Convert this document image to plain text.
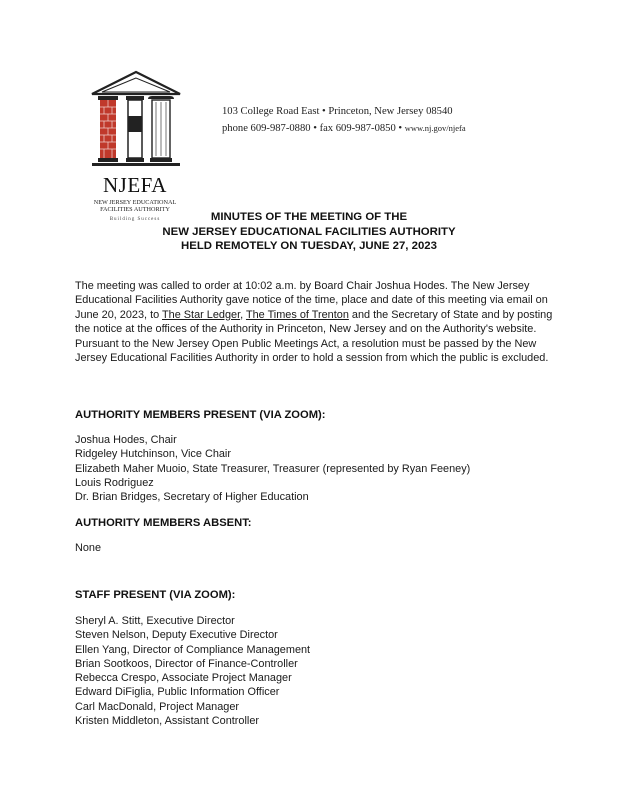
NJEFA
NEW JERSEY EDUCATIONAL
FACILITIES AUTHORITY
Building Success
103 College Road East • Princeton, New Jersey 08540
phone 609-987-0880 • fax 609-987-0850 • www.nj.gov/njefa
MINUTES OF THE MEETING OF THE
NEW JERSEY EDUCATIONAL FACILITIES AUTHORITY
HELD REMOTELY ON TUESDAY, JUNE 27, 2023
The meeting was called to order at 10:02 a.m. by Board Chair Joshua Hodes. The New Jersey Educational Facilities Authority gave notice of the time, place and date of this meeting via email on June 20, 2023, to The Star Ledger, The Times of Trenton and the Secretary of State and by posting the notice at the offices of the Authority in Princeton, New Jersey and on the Authority's website. Pursuant to the New Jersey Open Public Meetings Act, a resolution must be passed by the New Jersey Educational Facilities Authority in order to hold a session from which the public is excluded.
AUTHORITY MEMBERS PRESENT (VIA ZOOM):
Joshua Hodes, Chair
Ridgeley Hutchinson, Vice Chair
Elizabeth Maher Muoio, State Treasurer, Treasurer (represented by Ryan Feeney)
Louis Rodriguez
Dr. Brian Bridges, Secretary of Higher Education
AUTHORITY MEMBERS ABSENT:
None
STAFF PRESENT (VIA ZOOM):
Sheryl A. Stitt, Executive Director
Steven Nelson, Deputy Executive Director
Ellen Yang, Director of Compliance Management
Brian Sootkoos, Director of Finance-Controller
Rebecca Crespo, Associate Project Manager
Edward DiFiglia, Public Information Officer
Carl MacDonald, Project Manager
Kristen Middleton, Assistant Controller
